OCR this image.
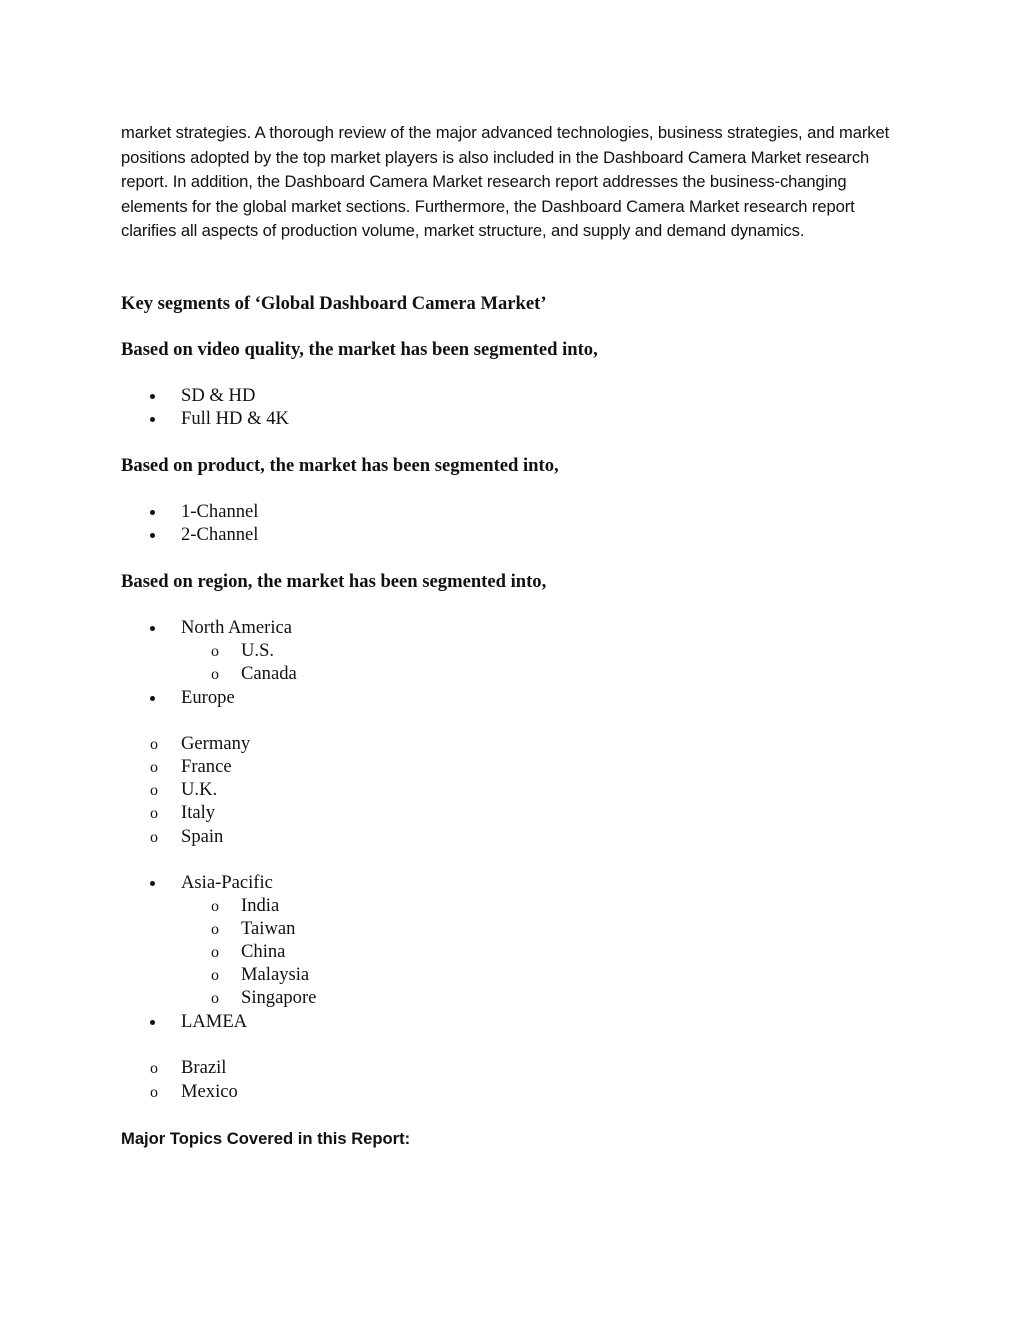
market strategies. A thorough review of the major advanced technologies, business strategies, and market positions adopted by the top market players is also included in the Dashboard Camera Market research report. In addition, the Dashboard Camera Market research report addresses the business-changing elements for the global market sections. Furthermore, the Dashboard Camera Market research report clarifies all aspects of production volume, market structure, and supply and demand dynamics.

Key segments of ‘Global Dashboard Camera Market’
Based on video quality, the market has been segmented into,
SD & HD
Full HD & 4K
Based on product, the market has been segmented into,
1-Channel
2-Channel
Based on region, the market has been segmented into,
North America
o	U.S.
o	Canada
Europe
o	Germany
o	France
o	U.K.
o	Italy
o	Spain
Asia-Pacific
o	India
o	Taiwan
o	China
o	Malaysia
o	Singapore
LAMEA
o	Brazil
o	Mexico
Major Topics Covered in this Report:
